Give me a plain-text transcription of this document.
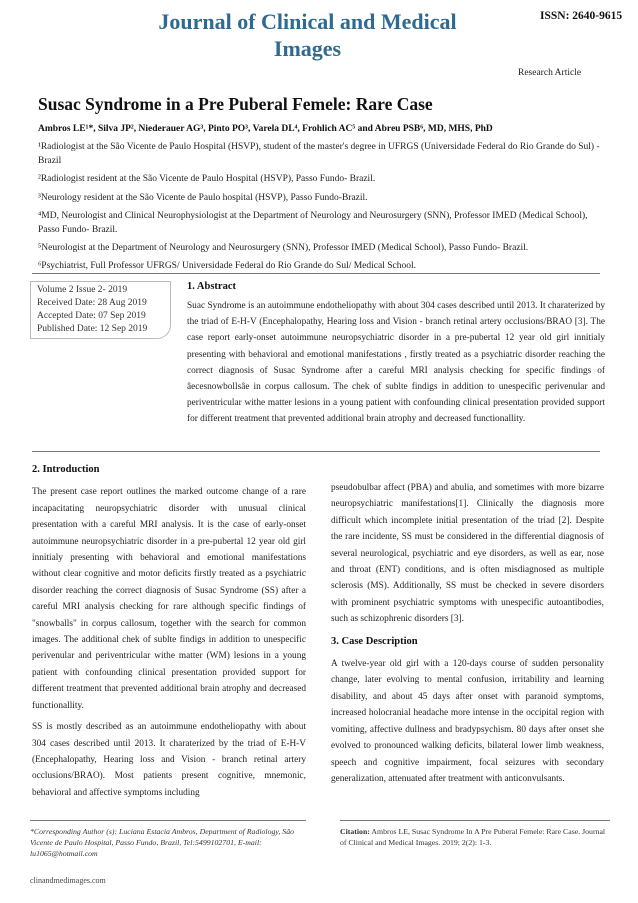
Journal of Clinical and Medical Images
ISSN: 2640-9615
Research Article
Susac Syndrome in a Pre Puberal Femele: Rare Case
Ambros LE¹*, Silva JP², Niederauer AG³, Pinto PO³, Varela DL⁴, Frohlich AC⁵ and Abreu PSB⁶, MD, MHS, PhD
¹Radiologist at the São Vicente de Paulo Hospital (HSVP), student of the master's degree in UFRGS (Universidade Federal do Rio Grande do Sul) - Brazil
²Radiologist resident at the São Vicente de Paulo Hospital (HSVP), Passo Fundo- Brazil.
³Neurology resident at the São Vicente de Paulo hospital (HSVP), Passo Fundo-Brazil.
⁴MD, Neurologist and Clinical Neurophysiologist at the Department of Neurology and Neurosurgery (SNN), Professor IMED (Medical School), Passo Fundo- Brazil.
⁵Neurologist at the Department of Neurology and Neurosurgery (SNN), Professor IMED (Medical School), Passo Fundo- Brazil.
⁶Psychiatrist, Full Professor UFRGS/ Universidade Federal do Rio Grande do Sul/ Medical School.
Volume 2 Issue 2- 2019
Received Date: 28 Aug 2019
Accepted Date: 07 Sep 2019
Published Date: 12 Sep 2019
1. Abstract
Suac Syndrome is an autoimmune endotheliopathy with about 304 cases described until 2013. It charaterized by the triad of E-H-V (Encephalopathy, Hearing loss and Vision - branch retinal artery occlusions/BRAO [3]. The case report early-onset autoimmune neuropsychiatric disorder in a pre-pubertal 12 year old girl innitialy presenting with behavioral and emotional manifestations , firstly treated as a psychiatric disorder reaching the correct diagnosis of Susac Syndrome after a careful MRI analysis checking for specific findings of âecesnowbollsâe in corpus callosum. The chek of sublte findigs in addition to unespecific perivenular and periventricular withe matter lesions in a young patient with confounding clinical presentation provided support for different treatment that prevented additional brain atrophy and decreased functionallity.
2. Introduction

The present case report outlines the marked outcome change of a rare incapacitating neuropsychiatric disorder with unusual clinical presentation with a careful MRI analysis. It is the case of early-onset autoimmune neuropsychiatric disorder in a pre-pubertal 12 year old girl innitialy presenting with behavioral and emotional manifestations without clear cognitive and motor deficits firstly treated as a psychiatric disorder reaching the correct diagnosis of Susac Syndrome (SS) after a careful MRI analysis checking for rare although specific findings of "snowballs" in corpus callosum, together with the search for common images. The additional chek of sublte findigs in addition to unespecific perivenular and periventricular withe matter (WM) lesions in a young patient with confounding clinical presentation provided support for different treatment that prevented additional brain atrophy and decreased functionallity.

SS is mostly described as an autoimmune endotheliopathy with about 304 cases described until 2013. It charaterized by the triad of E-H-V (Encephalopathy, Hearing loss and Vision - branch retinal artery occlusions/BRAO). Most patients present cognitive, mnemonic, behavioral and affective symptoms including

pseudobulbar affect (PBA) and abulia, and sometimes with more bizarre neuropsychiatric manifestations[1]. Clinically the diagnosis more difficult which incomplete initial presentation of the triad [2]. Despite the rare incidente, SS must be considered in the differential diagnosis of several neurological, psychiatric and eye disorders, as well as ear, nose and throat (ENT) conditions, and is often misdiagnosed as multiple sclerosis (MS). Additionally, SS must be checked in severe disorders with prominent psychiatric symptoms with unespecific autoantibodies, such as schizophrenic disorders [3].

3. Case Description

A twelve-year old girl with a 120-days course of sudden personality change, later evolving to mental confusion, irritability and learning disability, and about 45 days after onset with paranoid symptoms, increased holocranial headache more intense in the occipital region with vomiting, affective dullness and bradypsychism. 80 days after onset she evolved to pronounced walking deficits, bilateral lower limb weakness, speech and cognitive impairment, focal seizures with secondary generalization, attenuated after treatment with anticonvulsants.

*Corresponding Author (s): Luciana Estacia Ambros, Department of Radiology, São Vicente de Paulo Hospital, Passo Fundo, Brazil, Tel:5499102701, E-mail: lu1065@hotmail.com
Citation: Ambros LE, Susac Syndrome In A Pre Puberal Femele: Rare Case. Journal of Clinical and Medical Images. 2019; 2(2): 1-3.
clinandmedimages.com
